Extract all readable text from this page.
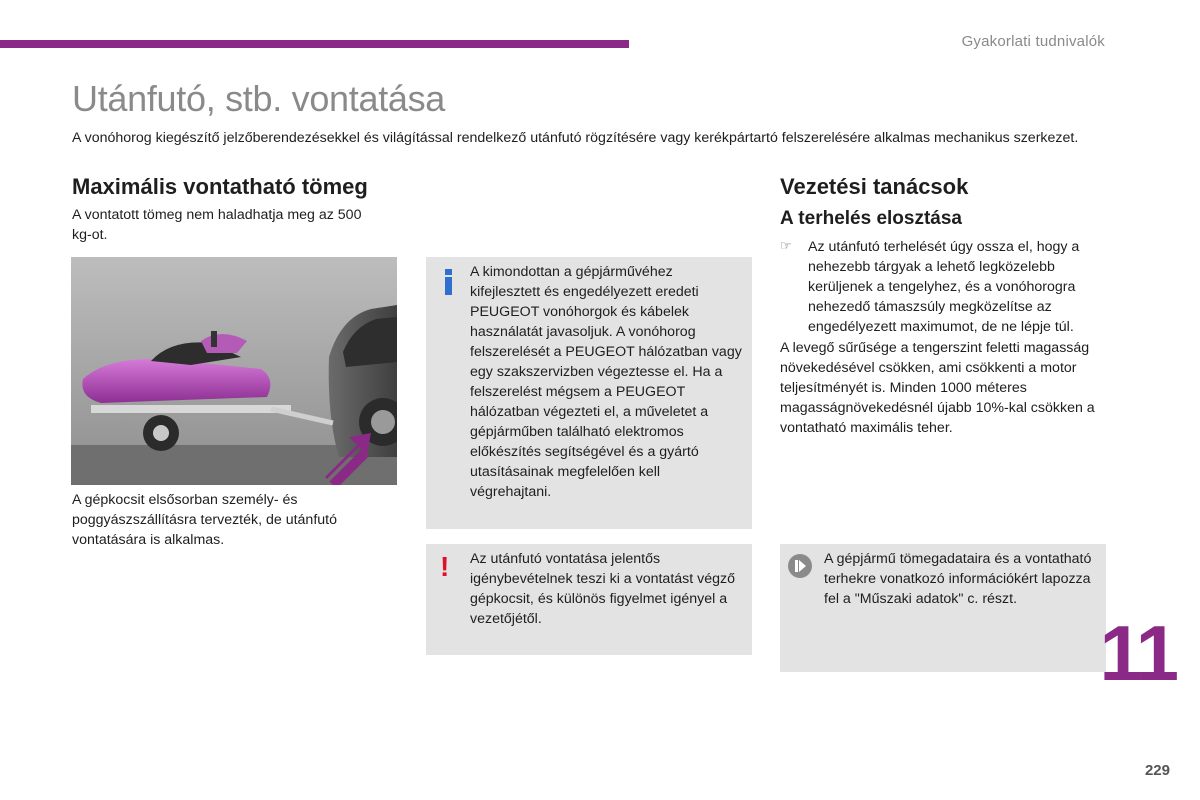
Gyakorlati tudnivalók
Utánfutó, stb. vontatása
A vonóhorog kiegészítő jelzőberendezésekkel és világítással rendelkező utánfutó rögzítésére vagy kerékpártartó felszerelésére alkalmas mechanikus szerkezet.
Maximális vontatható tömeg
A vontatott tömeg nem haladhatja meg az 500 kg-ot.
A gépkocsit elsősorban személy- és poggyászszállításra tervezték, de utánfutó vontatására is alkalmas.
A kimondottan a gépjárművéhez kifejlesztett és engedélyezett eredeti PEUGEOT vonóhorgok és kábelek használatát javasoljuk. A vonóhorog felszerelését a PEUGEOT hálózatban vagy egy szakszervizben végeztesse el. Ha a felszerelést mégsem a PEUGEOT hálózatban végezteti el, a műveletet a gépjárműben található elektromos előkészítés segítségével és a gyártó utasításainak megfelelően kell végrehajtani.
! Az utánfutó vontatása jelentős igénybevételnek teszi ki a vontatást végző gépkocsit, és különös figyelmet igényel a vezetőjétől.
Vezetési tanácsok
A terhelés elosztása
☞ Az utánfutó terhelését úgy ossza el, hogy a nehezebb tárgyak a lehető legközelebb kerüljenek a tengelyhez, és a vonóhorogra nehezedő támaszsúly megközelítse az engedélyezett maximumot, de ne lépje túl.
A levegő sűrűsége a tengerszint feletti magasság növekedésével csökken, ami csökkenti a motor teljesítményét is. Minden 1000 méteres magasságnövekedésnél újabb 10%-kal csökken a vontatható maximális teher.
A gépjármű tömegadataira és a vontatható terhekre vonatkozó információkért lapozza fel a "Műszaki adatok" c. részt.
11
229
